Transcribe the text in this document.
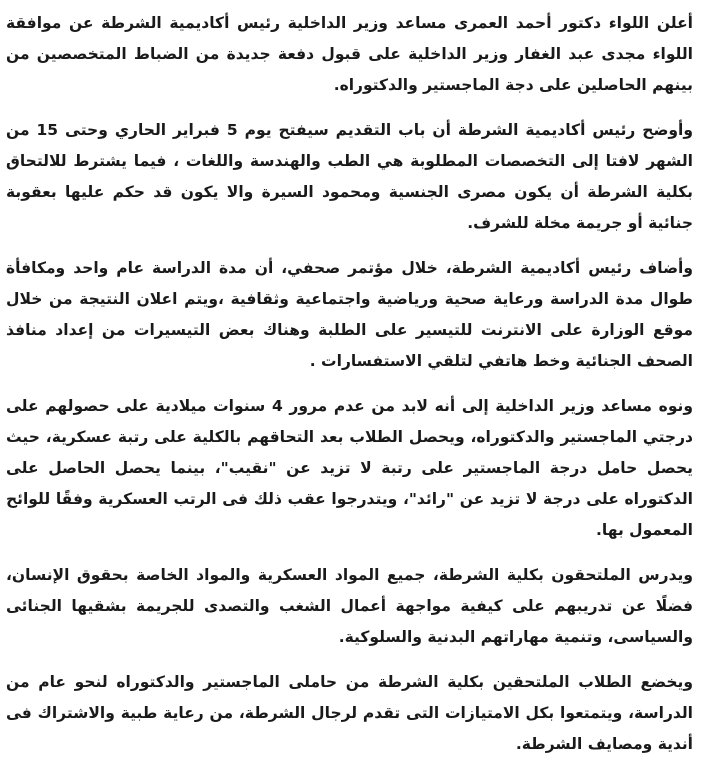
أعلن اللواء دكتور أحمد العمرى مساعد وزير الداخلية رئيس أكاديمية الشرطة عن موافقة اللواء مجدى عبد الغفار وزير الداخلية على قبول دفعة جديدة من الضباط المتخصصين من بينهم الحاصلين على دجة الماجستير والدكتوراه.

وأوضح رئيس أكاديمية الشرطة أن باب التقديم سيفتح يوم 5 فبراير الحاري وحتى 15 من الشهر لافتا إلى التخصصات المطلوبة هي الطب والهندسة واللغات ، فيما يشترط للالتحاق بكلية الشرطة أن يكون مصرى الجنسية ومحمود السيرة والا يكون قد حكم عليها بعقوبة جنائية أو جريمة مخلة للشرف.

وأضاف رئيس أكاديمية الشرطة، خلال مؤتمر صحفي، أن مدة الدراسة عام واحد ومكافأة طوال مدة الدراسة ورعاية صحية ورياضية واجتماعية وثقافية ،ويتم اعلان النتيجة من خلال موقع الوزارة على الانترنت للتيسير على الطلبة وهناك بعض التيسيرات من إعداد منافذ الصحف الجنائية وخط هاتفي لتلقي الاستفسارات .

ونوه مساعد وزير الداخلية إلى أنه لابد من عدم مرور 4 سنوات ميلادية على حصولهم على درجتي الماجستير والدكتوراه، ويحصل الطلاب بعد التحاقهم بالكلية على رتبة عسكرية، حيث يحصل حامل درجة الماجستير على رتبة لا تزيد عن "نقيب"، بينما يحصل الحاصل على الدكتوراه على درجة لا تزيد عن "رائد"، ويتدرجوا عقب ذلك فى الرتب العسكرية وفقًا للوائح المعمول بها.

ويدرس الملتحقون بكلية الشرطة، جميع المواد العسكرية والمواد الخاصة بحقوق الإنسان، فضلًا عن تدريبهم على كيفية مواجهة أعمال الشغب والتصدى للجريمة بشقيها الجنائى والسياسى، وتنمية مهاراتهم البدنية والسلوكية.

ويخضع الطلاب الملتحقين بكلية الشرطة من حاملى الماجستير والدكتوراه لنحو عام من الدراسة، ويتمتعوا بكل الامتيازات التى تقدم لرجال الشرطة، من رعاية طبية والاشتراك فى أندية ومصايف الشرطة.
